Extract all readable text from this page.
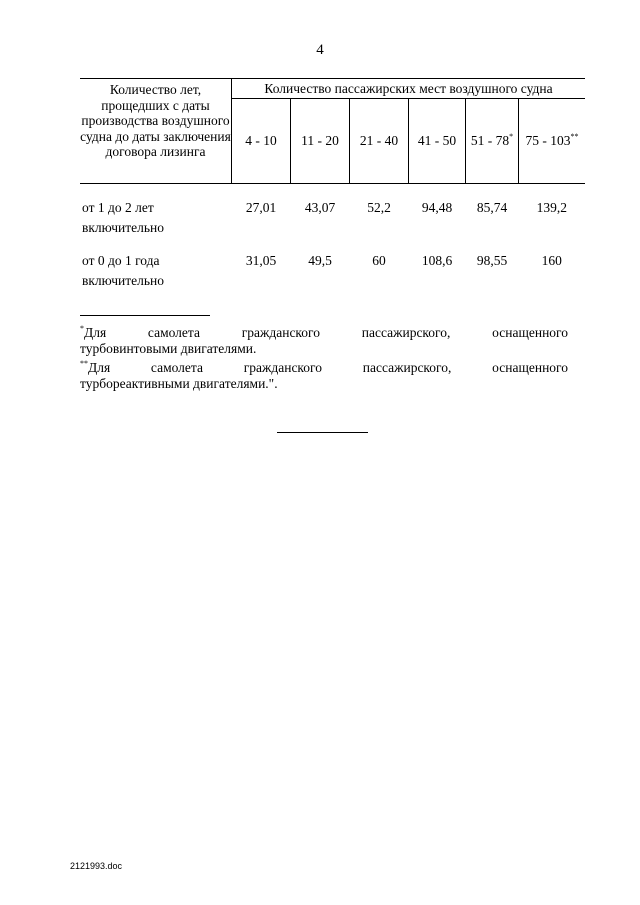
4
Количество лет, прощедших с даты производства воздушного судна до даты заключения договора лизинга	Количество пассажирских мест воздушного судна					
	4 - 10	11 - 20	21 - 40	41 - 50	51 - 78*	75 - 103**

от 1 до 2 лет
включительно	27,01	43,07	52,2	94,48	85,74	139,2

от 0 до 1 года
включительно	31,05	49,5	60	108,6	98,55	160
*Для	самолета	гражданского	пассажирского,	оснащенного
турбовинтовыми двигателями.
**Для	самолета	гражданского	пассажирского,	оснащенного
турбореактивными двигателями.".
2121993.doc
